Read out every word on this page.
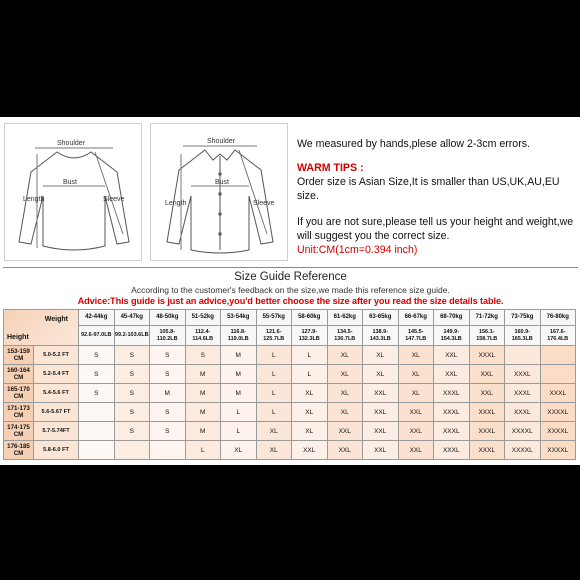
Shoulder
Bust
Length	Sleeve
Shoulder
Bust
Length	Sleeve

We measured by hands,plese allow 2-3cm errors.

WARM TIPS :

Order size is Asian Size,It is smaller than US,UK,AU,EU size.

If you are not sure,please tell us your height and weight,we will suggest you the correct size.

Unit:CM(1cm=0.394 inch)

Size Guide Reference
According to the customer's feedback on the size,we made this reference size guide.
Advice:This guide is just an advice,you'd better choose the size after you read the size details table.
Weight
Height		42-44kg	45-47kg	48-50kg	51-52kg	53-54kg	55-57kg	58-60kg	61-62kg	63-65kg	66-67kg	68-70kg	71-72kg	73-75kg	76-80kg
		92.6-97.0LB	99.2-103.6LB	105.8-110.2LB	112.4-114.6LB	116.8-119.0LB	121.6-125.7LB	127.9-132.3LB	134.5-136.7LB	138.9-143.3LB	145.5-147.7LB	149.9-154.3LB	156.1-158.7LB	160.9-165.3LB	167.6-176.4LB
153-159 CM	5.0-5.2 FT	S	S	S	S	M	L	L	XL	XL	XL	XXL	XXXL		
160-164 CM	5.2-5.4 FT	S	S	S	M	M	L	L	XL	XL	XL	XXL	XXL	XXXL	
165-170 CM	5.4-5.6 FT	S	S	M	M	M	L	XL	XL	XXL	XL	XXXL	XXL	XXXL	XXXL
171-173 CM	5.6-5.67 FT		S	S	M	L	L	XL	XL	XXL	XXL	XXXL	XXXL	XXXL	XXXXL
174-175 CM	5.7-5.74FT		S	S	M	L	XL	XL	XXL	XXL	XXL	XXXL	XXXL	XXXXL	XXXXL
176-185 CM	5.8-6.0 FT				L	XL	XL	XXL	XXL	XXL	XXL	XXXL	XXXL	XXXXL	XXXXL
